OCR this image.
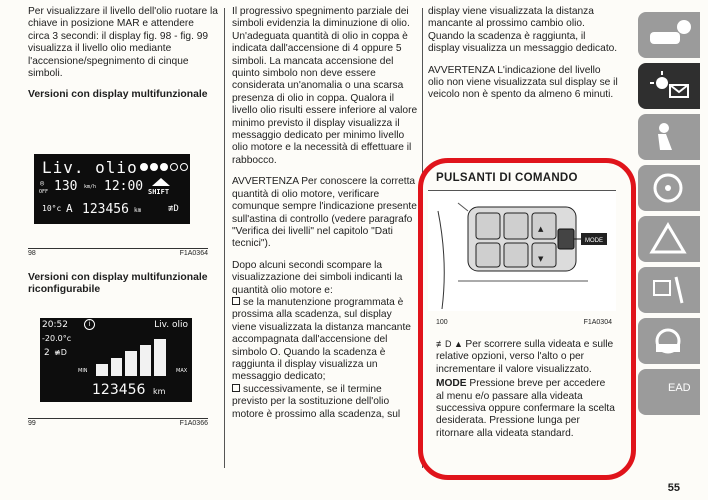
Per visualizzare il livello dell'olio ruotare la chiave in posizione MAR e attendere circa 3 secondi: il display fig. 98 - fig. 99 visualizza il livello olio mediante l'accensione/spegnimento di cinque simboli.

Versioni con display multifunzionale
Liv. olio
◎
OFF 130 km/h 12:00 SHIFT
10°c A 123456 km	≢D
98	F1A0364
Versioni con display multifunzionale riconfigurabile
20:52	i	Liv. olio
-20.0°c
2 ≢D
MIN	MAX
123456 km
99	F1A0366

Il progressivo spegnimento parziale dei simboli evidenzia la diminuzione di olio. Un'adeguata quantità di olio in coppa è indicata dall'accensione di 4 oppure 5 simboli. La mancata accensione del quinto simbolo non deve essere considerata un'anomalia o una scarsa presenza di olio in coppa. Qualora il livello olio risulti essere inferiore al valore minimo previsto il display visualizza il messaggio dedicato per minimo livello olio motore e la necessità di effettuare il rabbocco.

AVVERTENZA Per conoscere la corretta quantità di olio motore, verificare comunque sempre l'indicazione presente sull'astina di controllo (vedere paragrafo "Verifica dei livelli" nel capitolo "Dati tecnici").

Dopo alcuni secondi scompare la visualizzazione dei simboli indicanti la quantità olio motore e:

se la manutenzione programmata è prossima alla scadenza, sul display viene visualizzata la distanza mancante accompagnata dall'accensione del simbolo O. Quando la scadenza è raggiunta il display visualizza un messaggio dedicato;
successivamente, se il termine previsto per la sostituzione dell'olio motore è prossimo alla scadenza, sul

display viene visualizzata la distanza mancante al prossimo cambio olio. Quando la scadenza è raggiunta, il display visualizza un messaggio dedicato.

AVVERTENZA L'indicazione del livello olio non viene visualizzata sul display se il veicolo non è spento da almeno 6 minuti.

PULSANTI DI COMANDO
MODE
▲
▼
100	F1A0304

≢D ▲ Per scorrere sulla videata e sulle relative opzioni, verso l'alto o per incrementare il valore visualizzato.

MODE Pressione breve per accedere al menu e/o passare alla videata successiva oppure confermare la scelta desiderata. Pressione lunga per ritornare alla videata standard.

EAD
55
